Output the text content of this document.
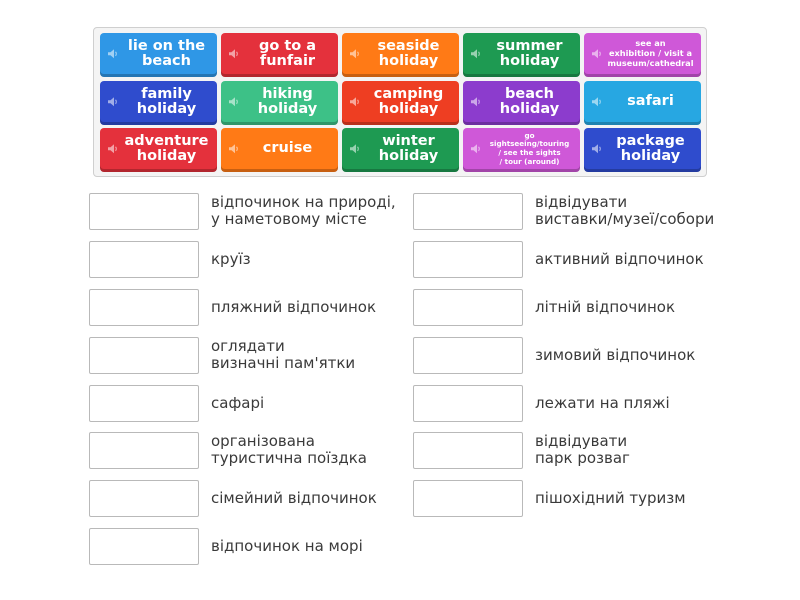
lie on the
beach
go to a
funfair
seaside
holiday
summer
holiday
see an
exhibition / visit a
museum/cathedral
family
holiday
hiking
holiday
camping
holiday
beach
holiday	safari
adventure
holiday	cruise	winter
holiday
go sightseeing/touring
/ see the sights
/ tour (around)
package
holiday
відпочинок на природі,
у наметовому місте
круїз
пляжний відпочинок
оглядати
визначні пам'ятки
сафарі
організована
туристична поїздка
сімейний відпочинок
відпочинок на морі
відвідувати
виставки/музеї/собори
активний відпочинок
літній відпочинок
зимовий відпочинок
лежати на пляжі
відвідувати
парк розваг
пішохідний туризм
